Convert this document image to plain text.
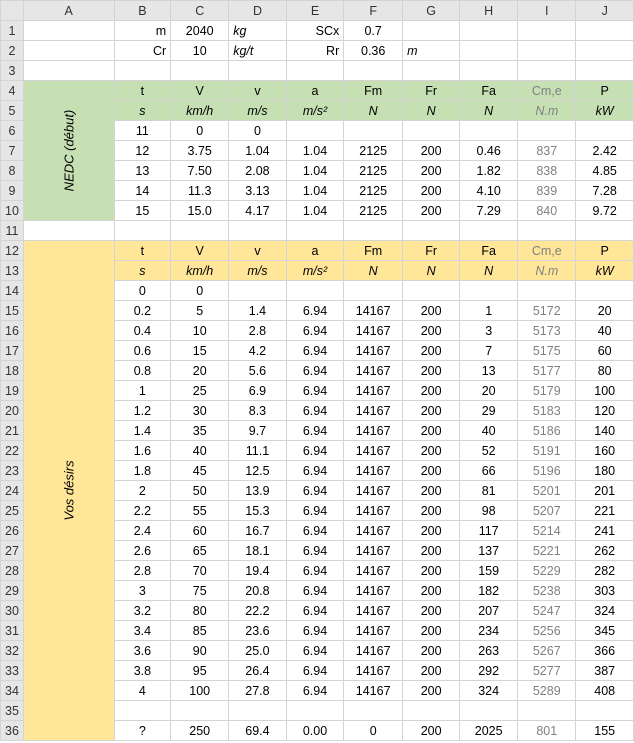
	A	B	C	D	E	F	G	H	I	J
1		m	2040	kg	SCx	0.7				
2		Cr	10	kg/t	Rr	0.36	m			
3										
4	NEDC (début)	t	V	v	a	Fm	Fr	Fa	Cm,e	P
5		s	km/h	m/s	m/s²	N	N	N	N.m	kW
6		11	0	0						
7		12	3.75	1.04	1.04	2125	200	0.46	837	2.42
8		13	7.50	2.08	1.04	2125	200	1.82	838	4.85
9		14	11.3	3.13	1.04	2125	200	4.10	839	7.28
10		15	15.0	4.17	1.04	2125	200	7.29	840	9.72
11										
12	Vos désirs	t	V	v	a	Fm	Fr	Fa	Cm,e	P
13		s	km/h	m/s	m/s²	N	N	N	N.m	kW
14		0	0							
15		0.2	5	1.4	6.94	14167	200	1	5172	20
16		0.4	10	2.8	6.94	14167	200	3	5173	40
17		0.6	15	4.2	6.94	14167	200	7	5175	60
18		0.8	20	5.6	6.94	14167	200	13	5177	80
19		1	25	6.9	6.94	14167	200	20	5179	100
20		1.2	30	8.3	6.94	14167	200	29	5183	120
21		1.4	35	9.7	6.94	14167	200	40	5186	140
22		1.6	40	11.1	6.94	14167	200	52	5191	160
23		1.8	45	12.5	6.94	14167	200	66	5196	180
24		2	50	13.9	6.94	14167	200	81	5201	201
25		2.2	55	15.3	6.94	14167	200	98	5207	221
26		2.4	60	16.7	6.94	14167	200	117	5214	241
27		2.6	65	18.1	6.94	14167	200	137	5221	262
28		2.8	70	19.4	6.94	14167	200	159	5229	282
29		3	75	20.8	6.94	14167	200	182	5238	303
30		3.2	80	22.2	6.94	14167	200	207	5247	324
31		3.4	85	23.6	6.94	14167	200	234	5256	345
32		3.6	90	25.0	6.94	14167	200	263	5267	366
33		3.8	95	26.4	6.94	14167	200	292	5277	387
34		4	100	27.8	6.94	14167	200	324	5289	408
35										
36		?	250	69.4	0.00	0	200	2025	801	155
